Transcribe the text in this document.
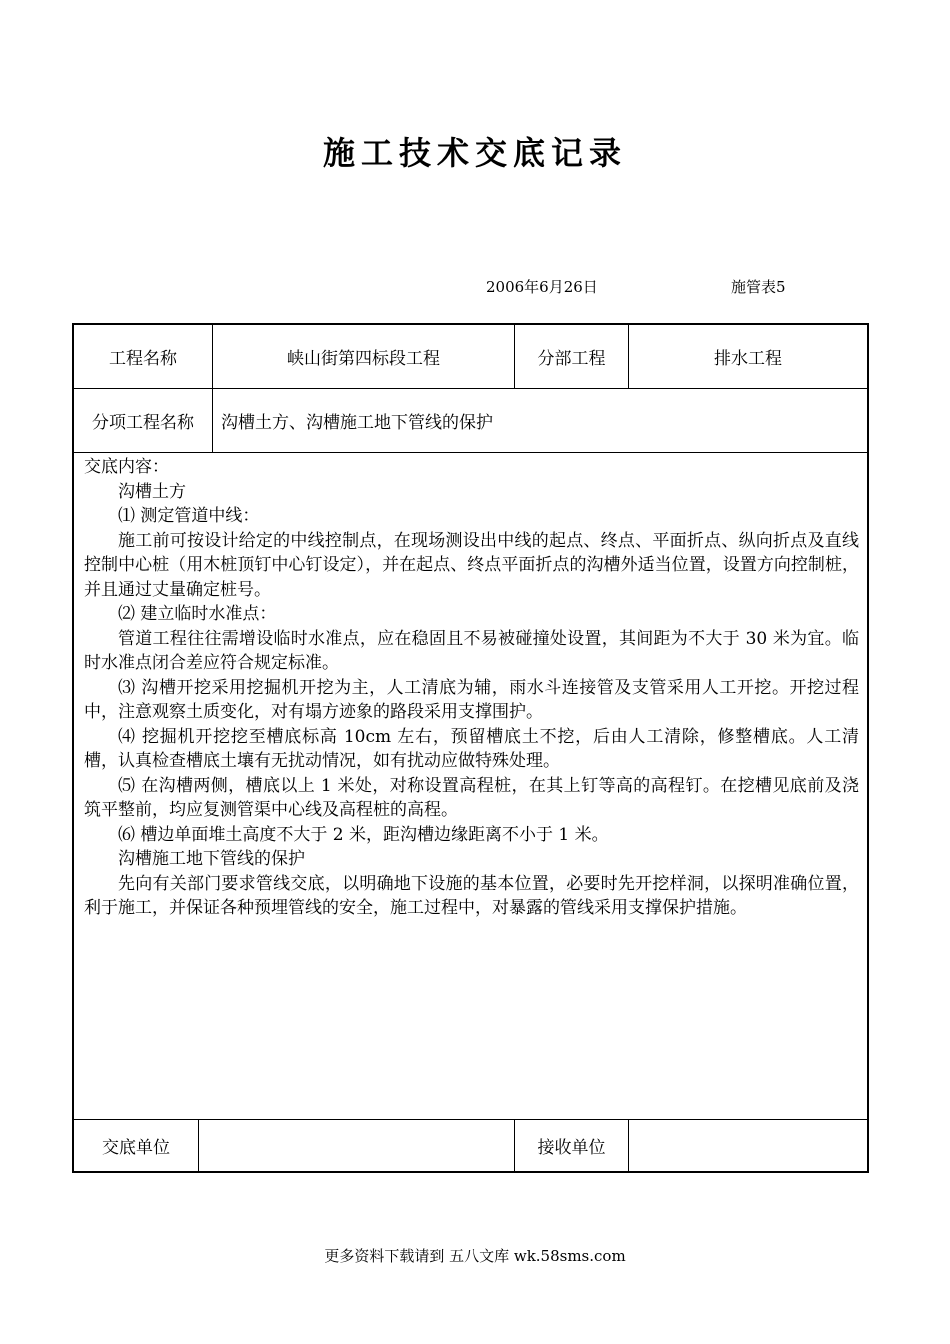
施工技术交底记录
2006年6月26日	施管表5
工程名称	峡山街第四标段工程	分部工程	排水工程
分项工程名称	沟槽土方、沟槽施工地下管线的保护

交底内容：

沟槽土方

⑴ 测定管道中线：

施工前可按设计给定的中线控制点，在现场测设出中线的起点、终点、平面折点、纵向折点及直线控制中心桩（用木桩顶钉中心钉设定），并在起点、终点平面折点的沟槽外适当位置，设置方向控制桩，并且通过丈量确定桩号。

⑵ 建立临时水准点：

管道工程往往需增设临时水准点，应在稳固且不易被碰撞处设置，其间距为不大于 30 米为宜。临时水准点闭合差应符合规定标准。

⑶ 沟槽开挖采用挖掘机开挖为主，人工清底为辅，雨水斗连接管及支管采用人工开挖。开挖过程中，注意观察土质变化，对有塌方迹象的路段采用支撑围护。

⑷ 挖掘机开挖挖至槽底标高 10cm 左右，预留槽底土不挖，后由人工清除，修整槽底。人工清槽，认真检查槽底土壤有无扰动情况，如有扰动应做特殊处理。

⑸ 在沟槽两侧，槽底以上 1 米处，对称设置高程桩，在其上钉等高的高程钉。在挖槽见底前及浇筑平整前，均应复测管渠中心线及高程桩的高程。

⑹ 槽边单面堆土高度不大于 2 米，距沟槽边缘距离不小于 1 米。

沟槽施工地下管线的保护

先向有关部门要求管线交底，以明确地下设施的基本位置，必要时先开挖样洞，以探明准确位置，利于施工，并保证各种预埋管线的安全，施工过程中，对暴露的管线采用支撑保护措施。

交底单位	接收单位
更多资料下载请到 五八文库 wk.58sms.com
